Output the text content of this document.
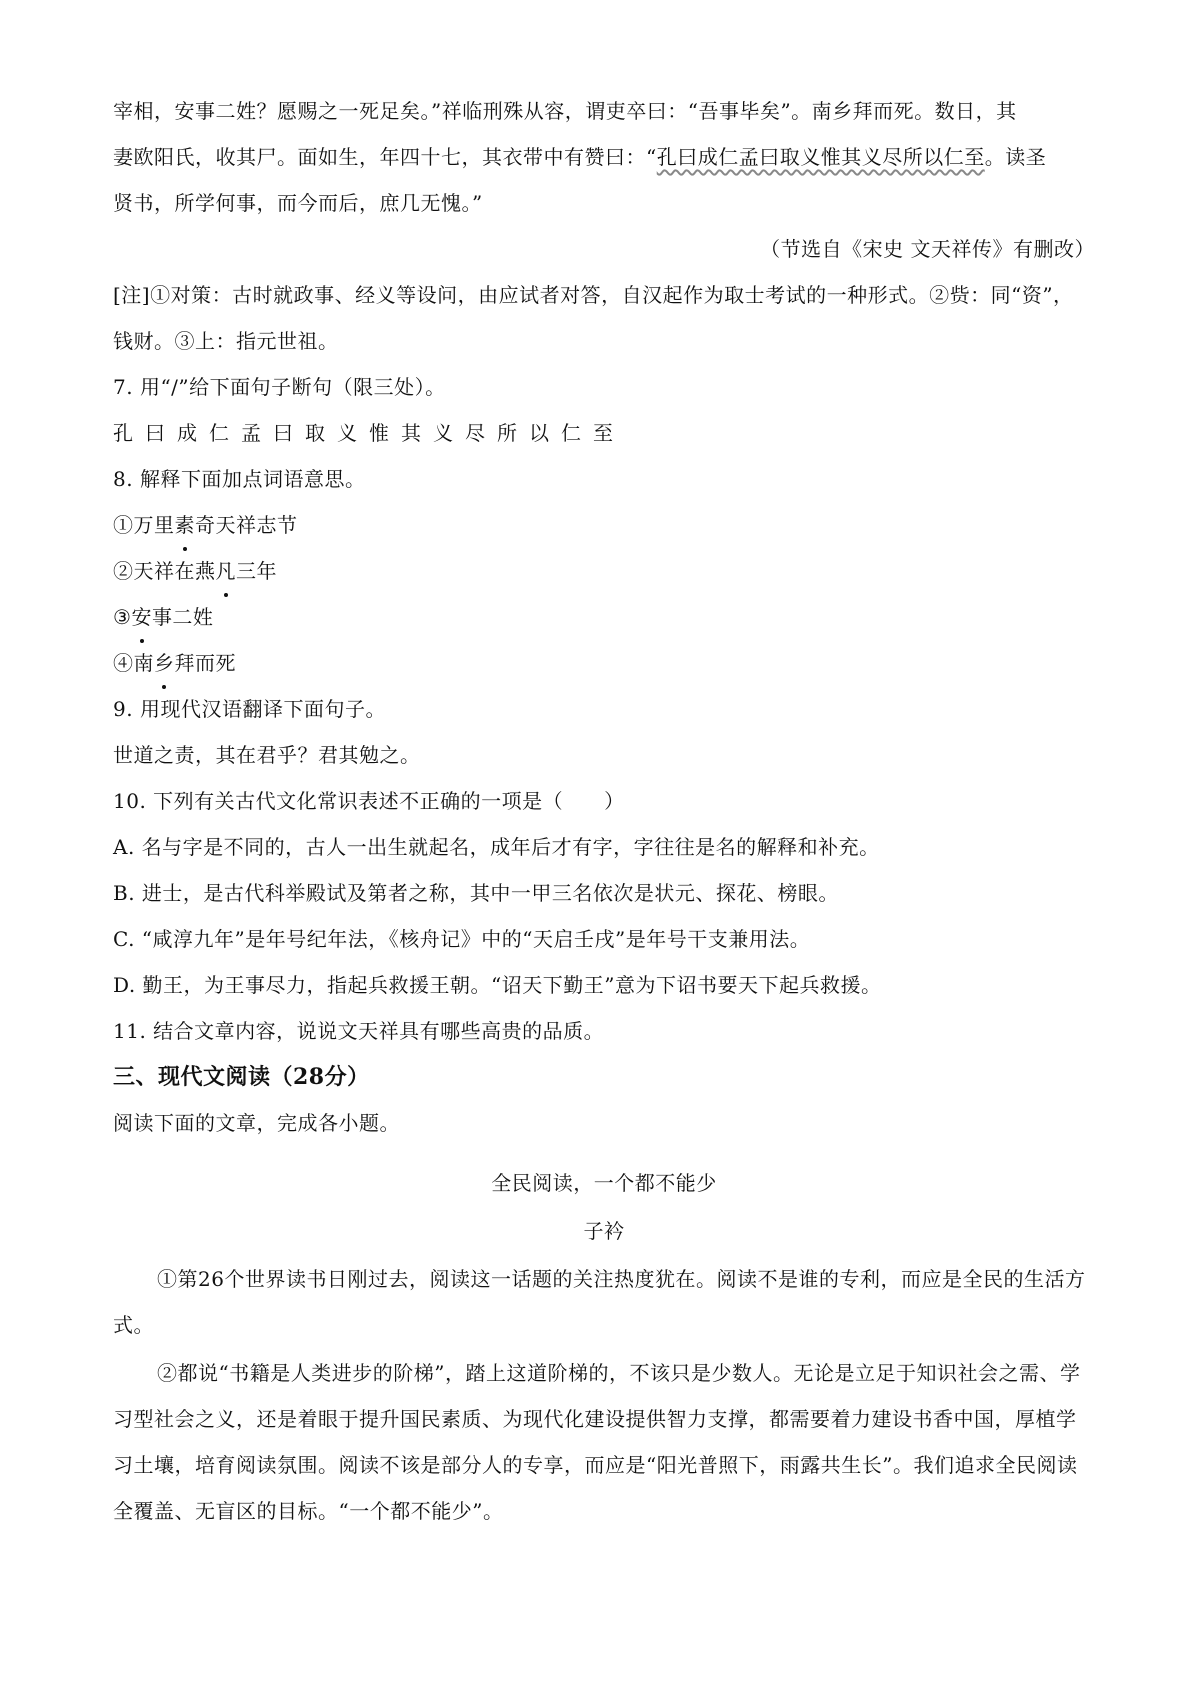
宰相，安事二姓？愿赐之一死足矣。”祥临刑殊从容，谓吏卒曰：“吾事毕矣”。南乡拜而死。数日，其

妻欧阳氏，收其尸。面如生，年四十七，其衣带中有赞曰：“孔曰成仁孟曰取义惟其义尽所以仁至。读圣

贤书，所学何事，而今而后，庶几无愧。”

（节选自《宋史 文天祥传》有删改）

[注]①对策：古时就政事、经义等设问，由应试者对答，自汉起作为取士考试的一种形式。②赀：同“资”，

钱财。③上：指元世祖。

7. 用“/”给下面句子断句（限三处）。

孔曰成仁孟曰取义惟其义尽所以仁至

8. 解释下面加点词语意思。

①万里素奇天祥志节

②天祥在燕凡三年

③安事二姓

④南乡拜而死

9. 用现代汉语翻译下面句子。

世道之责，其在君乎？君其勉之。

10. 下列有关古代文化常识表述不正确的一项是（　　）

A. 名与字是不同的，古人一出生就起名，成年后才有字，字往往是名的解释和补充。

B. 进士，是古代科举殿试及第者之称，其中一甲三名依次是状元、探花、榜眼。

C. “咸淳九年”是年号纪年法，《核舟记》中的“天启壬戌”是年号干支兼用法。

D. 勤王，为王事尽力，指起兵救援王朝。“诏天下勤王”意为下诏书要天下起兵救援。

11. 结合文章内容，说说文天祥具有哪些高贵的品质。

三、现代文阅读（28分）

阅读下面的文章，完成各小题。

全民阅读，一个都不能少

子衿

①第26个世界读书日刚过去，阅读这一话题的关注热度犹在。阅读不是谁的专利，而应是全民的生活方式。

②都说“书籍是人类进步的阶梯”，踏上这道阶梯的，不该只是少数人。无论是立足于知识社会之需、学习型社会之义，还是着眼于提升国民素质、为现代化建设提供智力支撑，都需要着力建设书香中国，厚植学习土壤，培育阅读氛围。阅读不该是部分人的专享，而应是“阳光普照下，雨露共生长”。我们追求全民阅读全覆盖、无盲区的目标。“一个都不能少”。
